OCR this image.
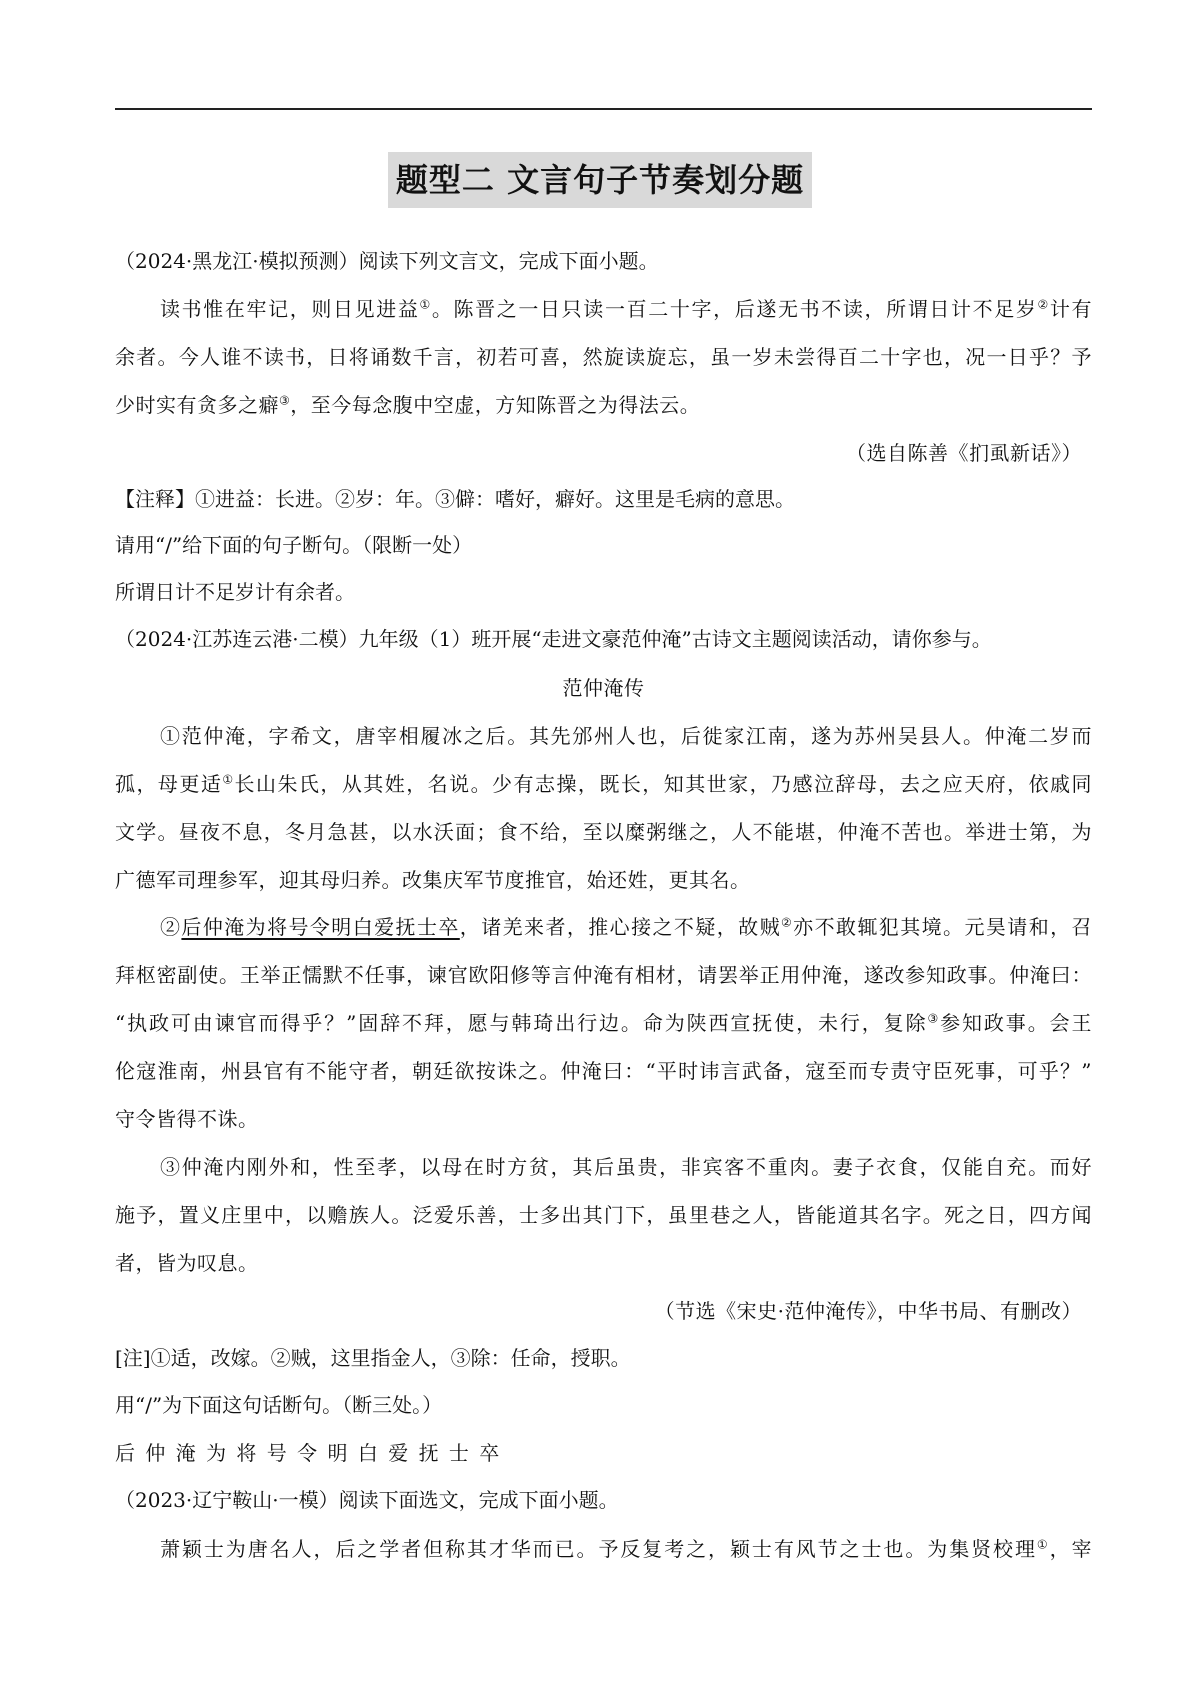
题型二 文言句子节奏划分题
（2024·黑龙江·模拟预测）阅读下列文言文，完成下面小题。
读书惟在牢记，则日见进益①。陈晋之一日只读一百二十字，后遂无书不读，所谓日计不足岁②计有
余者。今人谁不读书，日将诵数千言，初若可喜，然旋读旋忘，虽一岁未尝得百二十字也，况一日乎？予
少时实有贪多之癖③，至今每念腹中空虚，方知陈晋之为得法云。
（选自陈善《扪虱新话》）
【注释】①进益：长进。②岁：年。③僻：嗜好，癖好。这里是毛病的意思。
请用“/”给下面的句子断句。（限断一处）
所谓日计不足岁计有余者。
（2024·江苏连云港·二模）九年级（1）班开展“走进文豪范仲淹”古诗文主题阅读活动，请你参与。
范仲淹传
①范仲淹，字希文，唐宰相履冰之后。其先邠州人也，后徙家江南，遂为苏州吴县人。仲淹二岁而
孤，母更适①长山朱氏，从其姓，名说。少有志操，既长，知其世家，乃感泣辞母，去之应天府，依戚同
文学。昼夜不息，冬月急甚，以水沃面；食不给，至以糜粥继之，人不能堪，仲淹不苦也。举进士第，为
广德军司理参军，迎其母归养。改集庆军节度推官，始还姓，更其名。
②后仲淹为将号令明白爱抚士卒，诸羌来者，推心接之不疑，故贼②亦不敢辄犯其境。元昊请和，召
拜枢密副使。王举正懦默不任事，谏官欧阳修等言仲淹有相材，请罢举正用仲淹，遂改参知政事。仲淹曰：
“执政可由谏官而得乎？”固辞不拜，愿与韩琦出行边。命为陕西宣抚使，未行，复除③参知政事。会王
伦寇淮南，州县官有不能守者，朝廷欲按诛之。仲淹曰：“平时讳言武备，寇至而专责守臣死事，可乎？”
守令皆得不诛。
③仲淹内刚外和，性至孝，以母在时方贫，其后虽贵，非宾客不重肉。妻子衣食，仅能自充。而好
施予，置义庄里中，以赡族人。泛爱乐善，士多出其门下，虽里巷之人，皆能道其名字。死之日，四方闻
者，皆为叹息。
（节选《宋史·范仲淹传》，中华书局、有删改）
[注]①适，改嫁。②贼，这里指金人，③除：任命，授职。
用“/”为下面这句话断句。（断三处。）
后 仲 淹 为 将 号 令 明 白 爱 抚 士 卒
（2023·辽宁鞍山·一模）阅读下面选文，完成下面小题。
萧颖士为唐名人，后之学者但称其才华而已。予反复考之，颖士有风节之士也。为集贤校理①，宰
